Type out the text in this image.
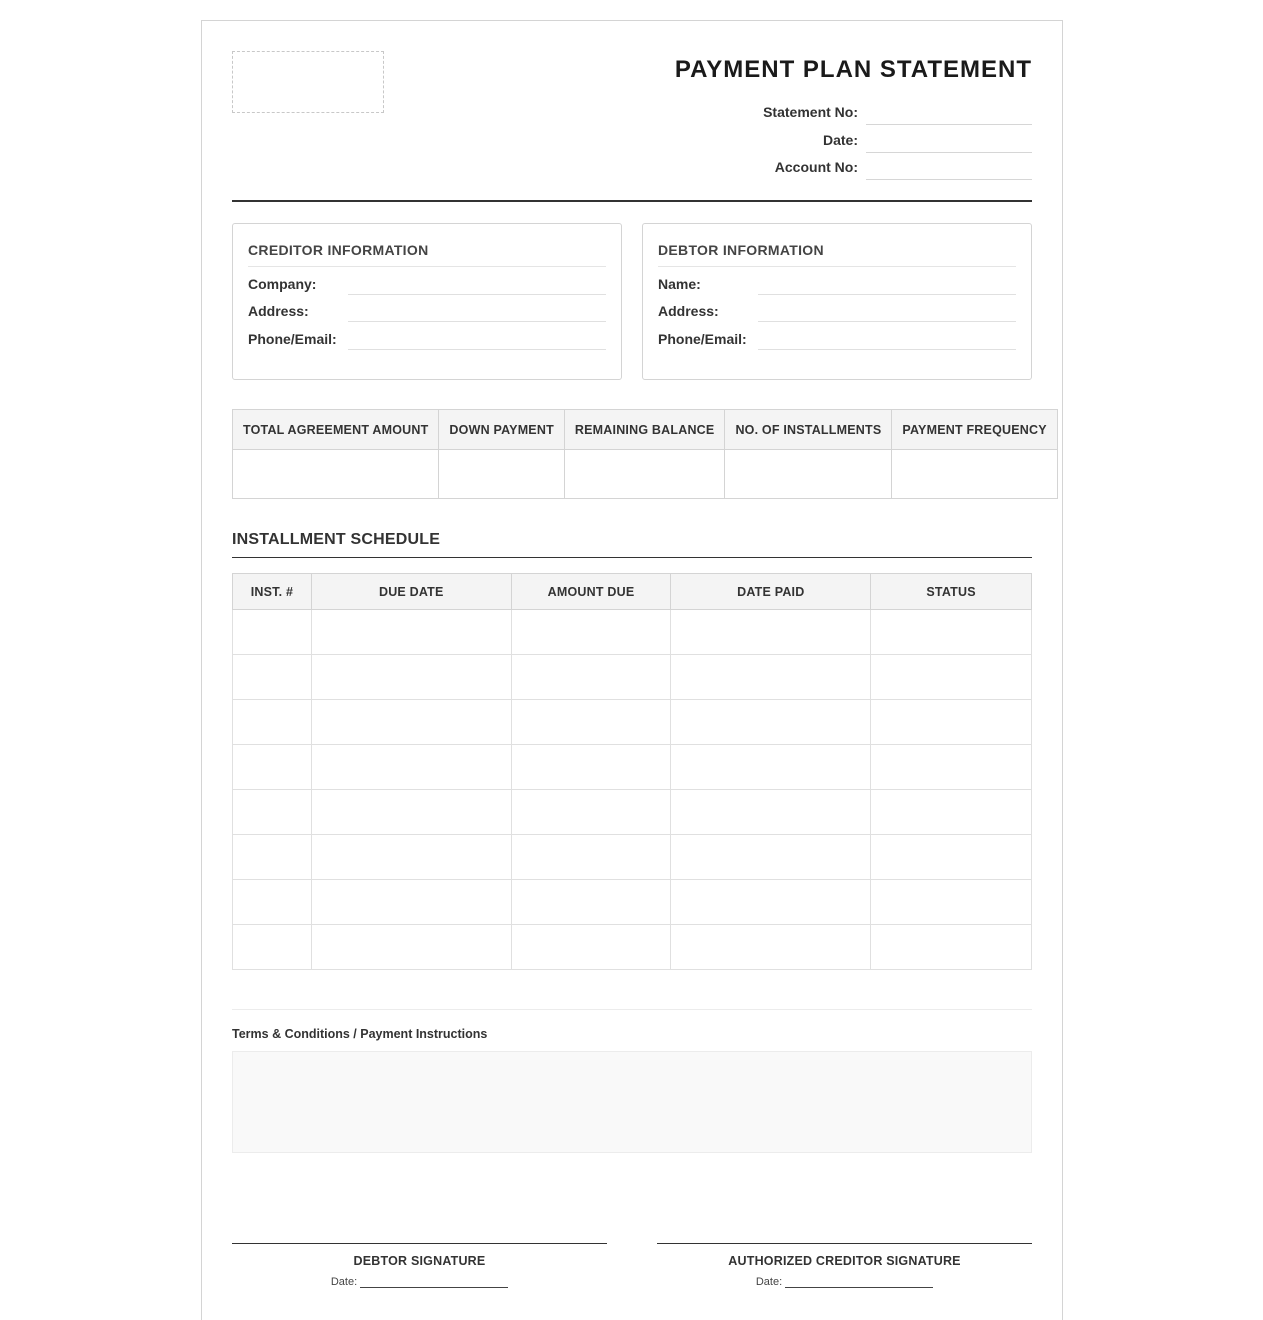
PAYMENT PLAN STATEMENT
Statement No:
Date:
Account No:
CREDITOR INFORMATION
Company:
Address:
Phone/Email:
DEBTOR INFORMATION
Name:
Address:
Phone/Email:
TOTAL AGREEMENT AMOUNT	DOWN PAYMENT	REMAINING BALANCE	NO. OF INSTALLMENTS	PAYMENT FREQUENCY

INSTALLMENT SCHEDULE
INST. #	DUE DATE	AMOUNT DUE	DATE PAID	STATUS

Terms & Conditions / Payment Instructions
DEBTOR SIGNATURE
Date:
AUTHORIZED CREDITOR SIGNATURE
Date:
